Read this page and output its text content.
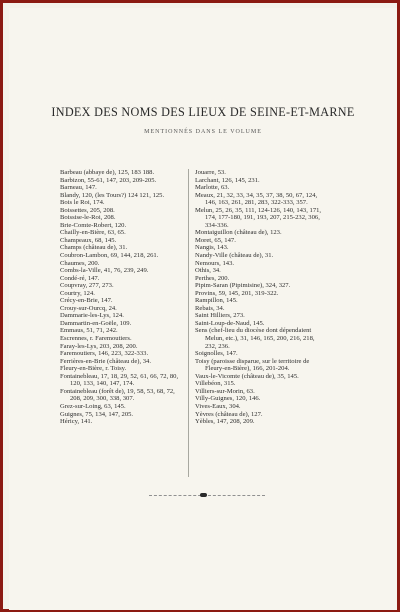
INDEX DES NOMS DES LIEUX DE SEINE-ET-MARNE
MENTIONNÉS DANS LE VOLUME
Barbeau (abbaye de), 125, 183 188.
Barbizon, 55-61, 147, 203, 209-205.
Barneau, 147.
Blandy, 120, (les Tours?) 124 121, 125.
Bois le Roi, 174.
Boissettes, 205, 208.
Boissise-le-Roi, 208.
Brie-Comte-Robert, 120.
Chailly-en-Bière, 63, 65.
Champeaux, 68, 145.
Champs (château de), 31.
Coubron-Lambon, 69, 144, 218, 261.
Chaumes, 200.
Combs-la-Ville, 41, 76, 239, 249.
Condé-ré, 147.
Coupvray, 277, 273.
Courtry, 124.
Crécy-en-Brie, 147.
Crouy-sur-Ourcq, 24.
Dammarie-les-Lys, 124.
Dammartin-en-Goële, 109.
Emmaus, 51, 71, 242.
Escrennes, r. Faremoutiers.
Faray-les-Lys, 203, 208, 200.
Faremoutiers, 146, 223, 322-333.
Ferrières-en-Brie (château de), 34.
Fleury-en-Bière, r. Toisy.
Fontainebleau, 17, 18, 29, 52, 61, 66, 72, 80, 120, 133, 140, 147, 174.
Fontainebleau (forêt de), 19, 58, 53, 68, 72, 208, 209, 300, 338, 307.
Grez-sur-Loing, 63, 145.
Guignes, 75, 134, 147, 205.
Héricy, 141.
Jouarre, 53.
Larchant, 126, 145, 231.
Marlotte, 63.
Meaux, 21, 32, 33, 34, 35, 37, 38, 50, 67, 124, 146, 163, 261, 281, 283, 322-333, 357.
Melun, 25, 26, 35, 111, 124-126, 140, 143, 171, 174, 177-180, 191, 193, 207, 215-232, 306, 334-336.
Montaiguillon (château de), 123.
Moret, 65, 147.
Nangis, 143.
Nandy-Ville (château de), 31.
Nemours, 143.
Othis, 34.
Perthes, 200.
Pipim-Saran (Pipimisine), 324, 327.
Provins, 59, 145, 201, 319-322.
Rampillon, 145.
Rebais, 34.
Saint Hilliers, 273.
Saint-Loup-de-Naud, 145.
Sens (chef-lieu du diocèse dont dépendaient Melun, etc.), 31, 146, 165, 200, 216, 218, 232, 236.
Soignolles, 147.
Toisy (paroisse disparue, sur le territoire de Fleury-en-Bière), 166, 201-204.
Vaux-le-Vicomte (château de), 35, 145.
Villebéon, 315.
Villiers-sur-Morin, 63.
Villy-Guignes, 120, 146.
Vives-Eaux, 304.
Yèvres (château de), 127.
Yèbles, 147, 208, 209.
